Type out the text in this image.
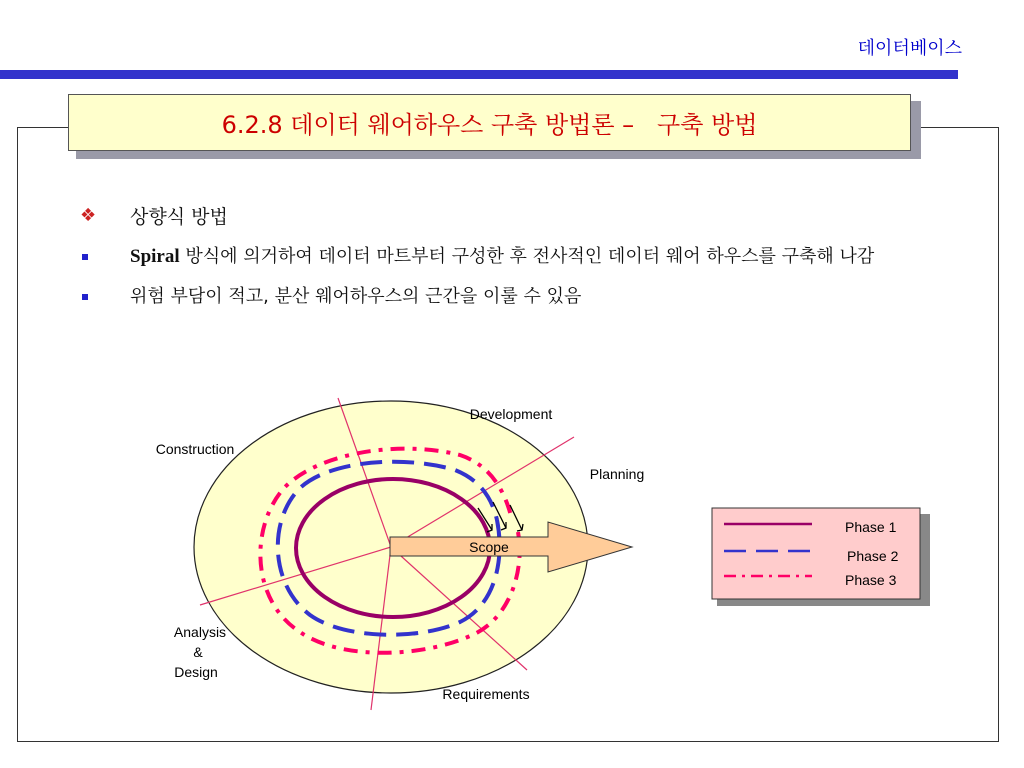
데이터베이스
6.2.8 데이터 웨어하우스 구축 방법론 –   구축 방법
❖	상향식 방법
Spiral 방식에 의거하여 데이터 마트부터 구성한 후 전사적인 데이터 웨어 하우스를 구축해 나감
위험 부담이 적고, 분산 웨어하우스의 근간을 이룰 수 있음
Scope
Development
Construction
Planning
Analysis
&
Design
Requirements
Phase 1
Phase 2
Phase 3
